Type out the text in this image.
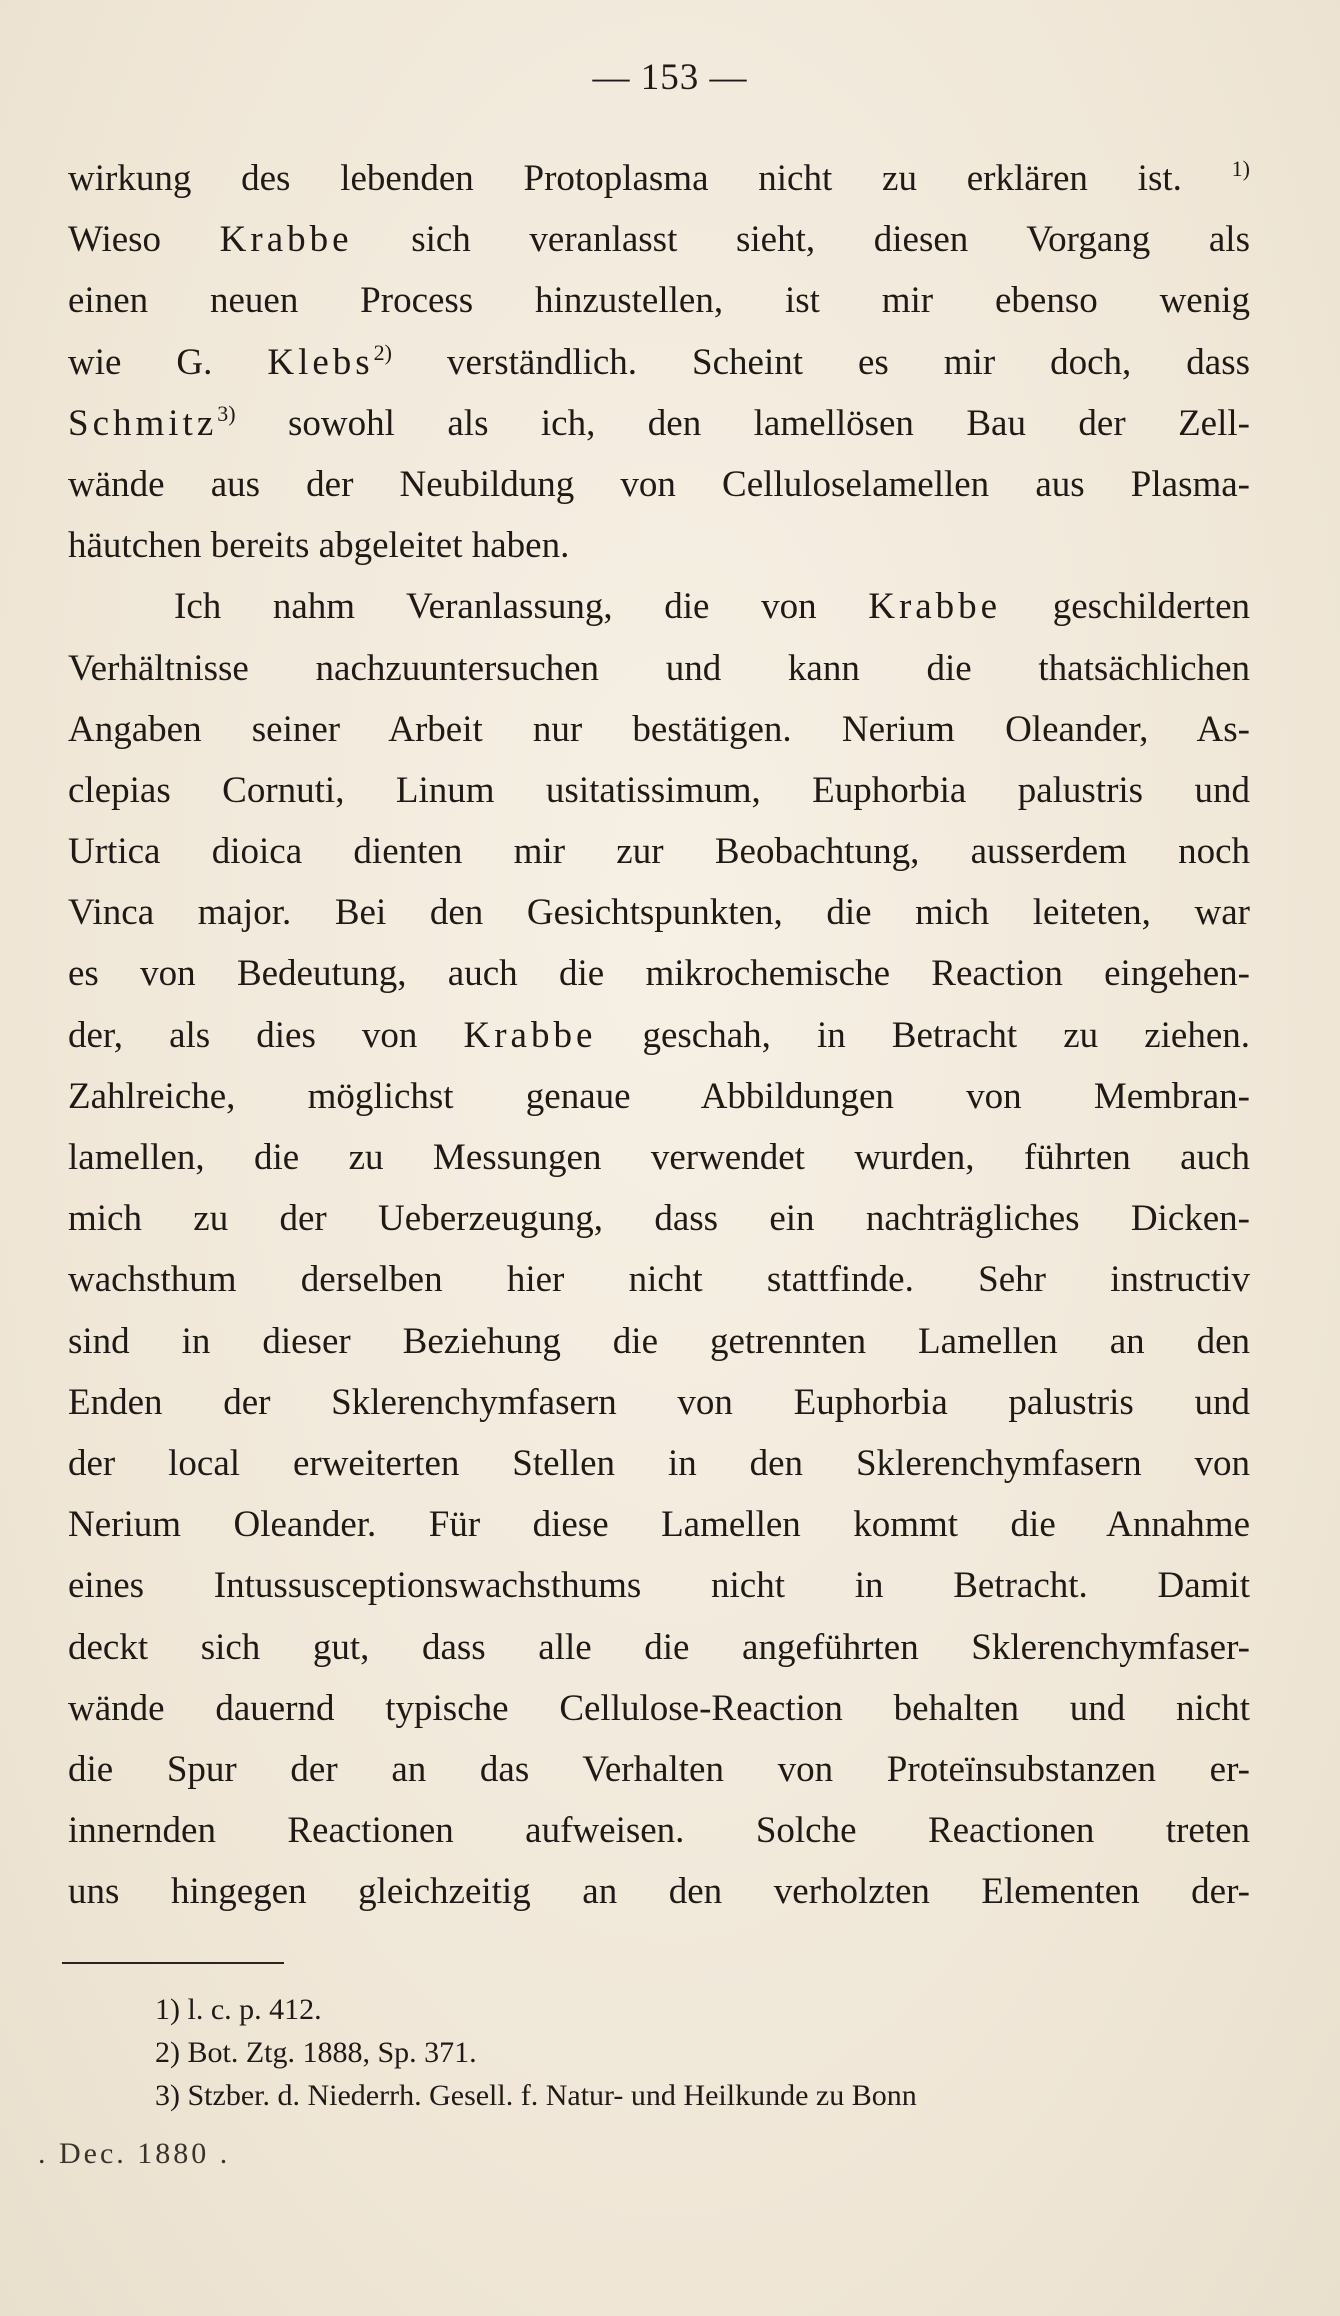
— 153 —
wirkung des lebenden Protoplasma nicht zu erklären ist. $^{1)}$
Wieso Krabbe sich veranlasst sieht, diesen Vorgang als
einen neuen Process hinzustellen, ist mir ebenso wenig
wie G. Klebs$^{2)}$ verständlich. Scheint es mir doch, dass
Schmitz$^{3)}$ sowohl als ich, den lamellösen Bau der Zell-
wände aus der Neubildung von Celluloselamellen aus Plasma-
häutchen bereits abgeleitet haben.
Ich nahm Veranlassung, die von Krabbe geschilderten
Verhältnisse nachzuuntersuchen und kann die thatsächlichen
Angaben seiner Arbeit nur bestätigen. Nerium Oleander, As-
clepias Cornuti, Linum usitatissimum, Euphorbia palustris und
Urtica dioica dienten mir zur Beobachtung, ausserdem noch
Vinca major. Bei den Gesichtspunkten, die mich leiteten, war
es von Bedeutung, auch die mikrochemische Reaction eingehen-
der, als dies von Krabbe geschah, in Betracht zu ziehen.
Zahlreiche, möglichst genaue Abbildungen von Membran-
lamellen, die zu Messungen verwendet wurden, führten auch
mich zu der Ueberzeugung, dass ein nachträgliches Dicken-
wachsthum derselben hier nicht stattfinde. Sehr instructiv
sind in dieser Beziehung die getrennten Lamellen an den
Enden der Sklerenchymfasern von Euphorbia palustris und
der local erweiterten Stellen in den Sklerenchymfasern von
Nerium Oleander. Für diese Lamellen kommt die Annahme
eines Intussusceptionswachsthums nicht in Betracht. Damit
deckt sich gut, dass alle die angeführten Sklerenchymfaser-
wände dauernd typische Cellulose-Reaction behalten und nicht
die Spur der an das Verhalten von Proteïnsubstanzen er-
innernden Reactionen aufweisen. Solche Reactionen treten
uns hingegen gleichzeitig an den verholzten Elementen der-
1) l. c. p. 412.
2) Bot. Ztg. 1888, Sp. 371.
3) Stzber. d. Niederrh. Gesell. f. Natur- und Heilkunde zu Bonn
. Dec. 1880 .
